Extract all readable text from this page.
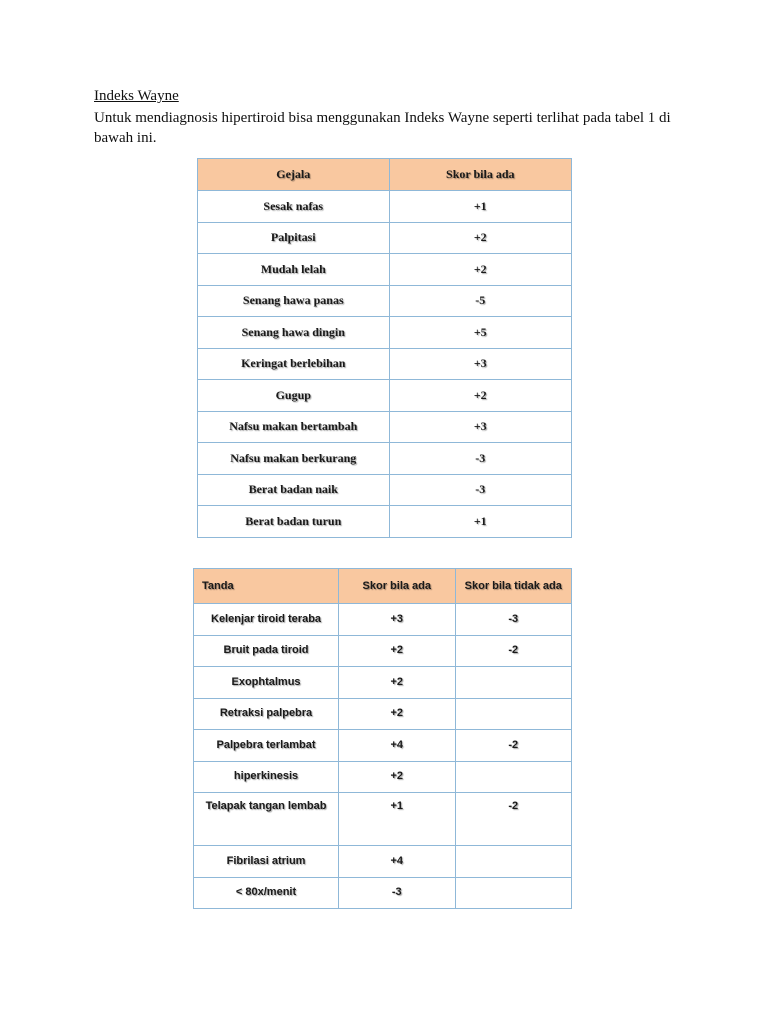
Indeks Wayne
Untuk mendiagnosis hipertiroid bisa menggunakan Indeks Wayne seperti terlihat pada tabel 1 di bawah ini.
Gejala	Skor bila ada
Sesak nafas	+1
Palpitasi	+2
Mudah lelah	+2
Senang hawa panas	-5
Senang hawa dingin	+5
Keringat berlebihan	+3
Gugup	+2
Nafsu makan bertambah	+3
Nafsu makan berkurang	-3
Berat badan naik	-3
Berat badan turun	+1
Tanda	Skor bila ada	Skor bila tidak ada
Kelenjar tiroid teraba	+3	-3
Bruit pada tiroid	+2	-2
Exophtalmus	+2	
Retraksi palpebra	+2	
Palpebra terlambat	+4	-2
hiperkinesis	+2	
Telapak tangan lembab	+1	-2
Fibrilasi atrium	+4	
< 80x/menit	-3	
